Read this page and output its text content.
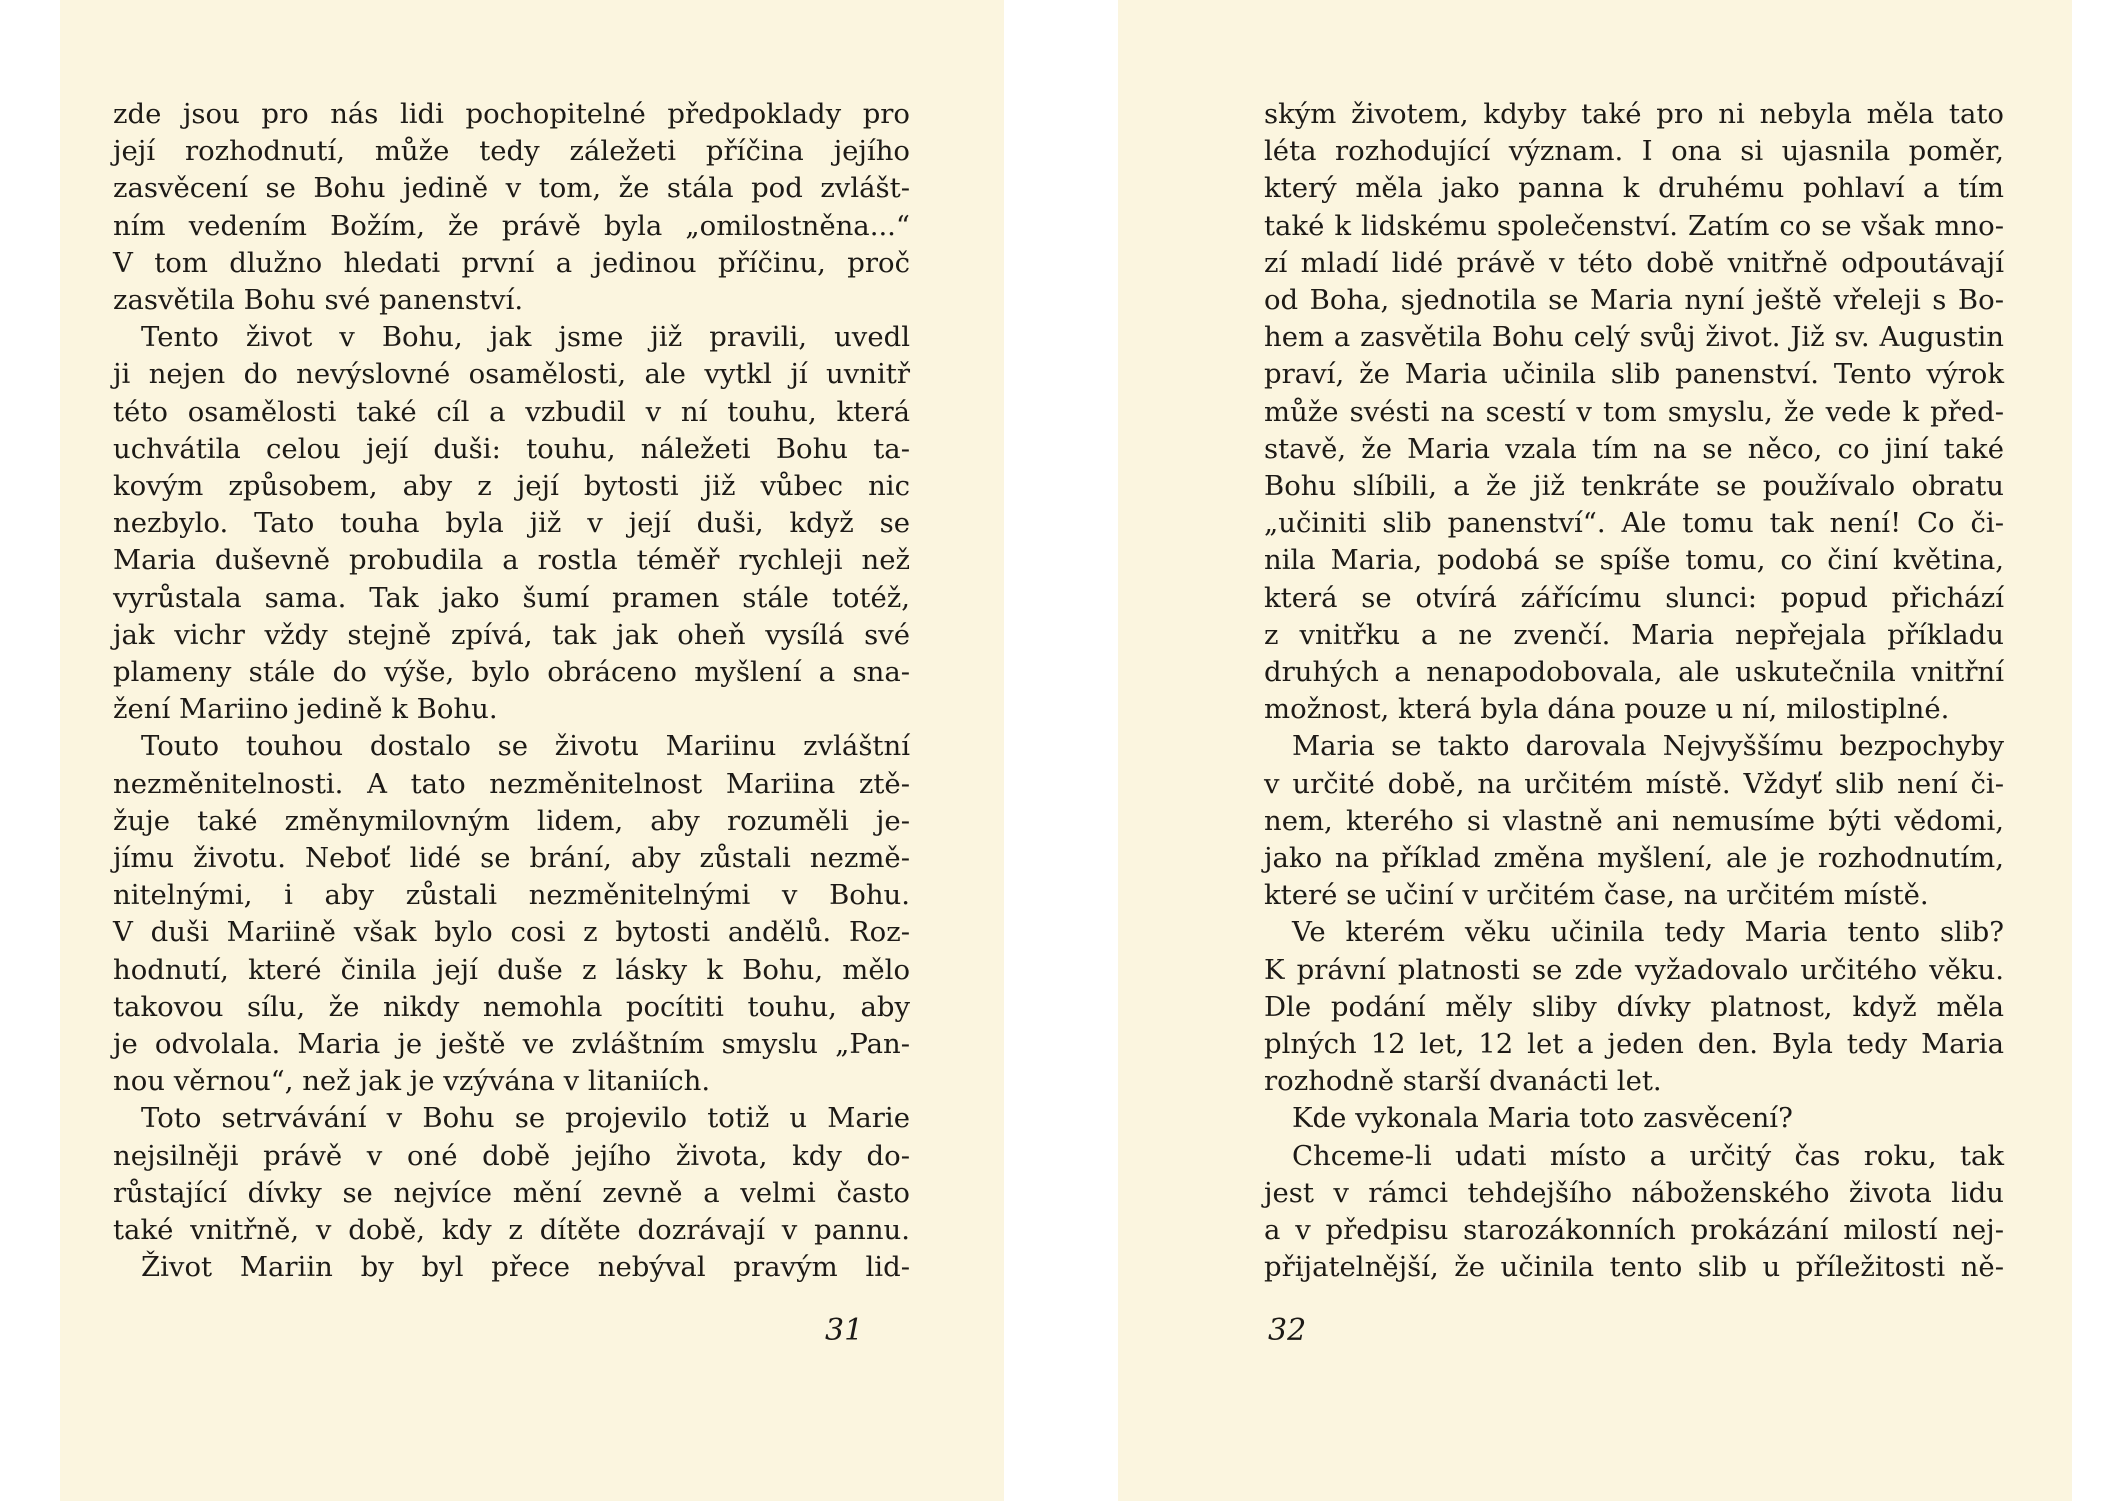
zde jsou pro nás lidi pochopitelné předpoklady pro
její rozhodnutí, může tedy záležeti příčina jejího
zasvěcení se Bohu jedině v tom, že stála pod zvlášt-
ním vedením Božím, že právě byla „omilostněna...“
V tom dlužno hledati první a jedinou příčinu, proč
zasvětila Bohu své panenství.
Tento život v Bohu, jak jsme již pravili, uvedl
ji nejen do nevýslovné osamělosti, ale vytkl jí uvnitř
této osamělosti také cíl a vzbudil v ní touhu, která
uchvátila celou její duši: touhu, náležeti Bohu ta-
kovým způsobem, aby z její bytosti již vůbec nic
nezbylo. Tato touha byla již v její duši, když se
Maria duševně probudila a rostla téměř rychleji než
vyrůstala sama. Tak jako šumí pramen stále totéž,
jak vichr vždy stejně zpívá, tak jak oheň vysílá své
plameny stále do výše, bylo obráceno myšlení a sna-
žení Mariino jedině k Bohu.
Touto touhou dostalo se životu Mariinu zvláštní
nezměnitelnosti. A tato nezměnitelnost Mariina ztě-
žuje také změnymilovným lidem, aby rozuměli je-
jímu životu. Neboť lidé se brání, aby zůstali nezmě-
nitelnými, i aby zůstali nezměnitelnými v Bohu.
V duši Mariině však bylo cosi z bytosti andělů. Roz-
hodnutí, které činila její duše z lásky k Bohu, mělo
takovou sílu, že nikdy nemohla pocítiti touhu, aby
je odvolala. Maria je ještě ve zvláštním smyslu „Pan-
nou věrnou“, než jak je vzývána v litaniích.
Toto setrvávání v Bohu se projevilo totiž u Marie
nejsilněji právě v oné době jejího života, kdy do-
růstající dívky se nejvíce mění zevně a velmi často
také vnitřně, v době, kdy z dítěte dozrávají v pannu.
Život Mariin by byl přece nebýval pravým lid-
31
ským životem, kdyby také pro ni nebyla měla tato
léta rozhodující význam. I ona si ujasnila poměr,
který měla jako panna k druhému pohlaví a tím
také k lidskému společenství. Zatím co se však mno-
zí mladí lidé právě v této době vnitřně odpoutávají
od Boha, sjednotila se Maria nyní ještě vřeleji s Bo-
hem a zasvětila Bohu celý svůj život. Již sv. Augustin
praví, že Maria učinila slib panenství. Tento výrok
může svésti na scestí v tom smyslu, že vede k před-
stavě, že Maria vzala tím na se něco, co jiní také
Bohu slíbili, a že již tenkráte se používalo obratu
„učiniti slib panenství“. Ale tomu tak není! Co či-
nila Maria, podobá se spíše tomu, co činí květina,
která se otvírá zářícímu slunci: popud přichází
z vnitřku a ne zvenčí. Maria nepřejala příkladu
druhých a nenapodobovala, ale uskutečnila vnitřní
možnost, která byla dána pouze u ní, milostiplné.
Maria se takto darovala Nejvyššímu bezpochyby
v určité době, na určitém místě. Vždyť slib není či-
nem, kterého si vlastně ani nemusíme býti vědomi,
jako na příklad změna myšlení, ale je rozhodnutím,
které se učiní v určitém čase, na určitém místě.
Ve kterém věku učinila tedy Maria tento slib?
K právní platnosti se zde vyžadovalo určitého věku.
Dle podání měly sliby dívky platnost, když měla
plných 12 let, 12 let a jeden den. Byla tedy Maria
rozhodně starší dvanácti let.
Kde vykonala Maria toto zasvěcení?
Chceme-li udati místo a určitý čas roku, tak
jest v rámci tehdejšího náboženského života lidu
a v předpisu starozákonních prokázání milostí nej-
přijatelnější, že učinila tento slib u příležitosti ně-
32
